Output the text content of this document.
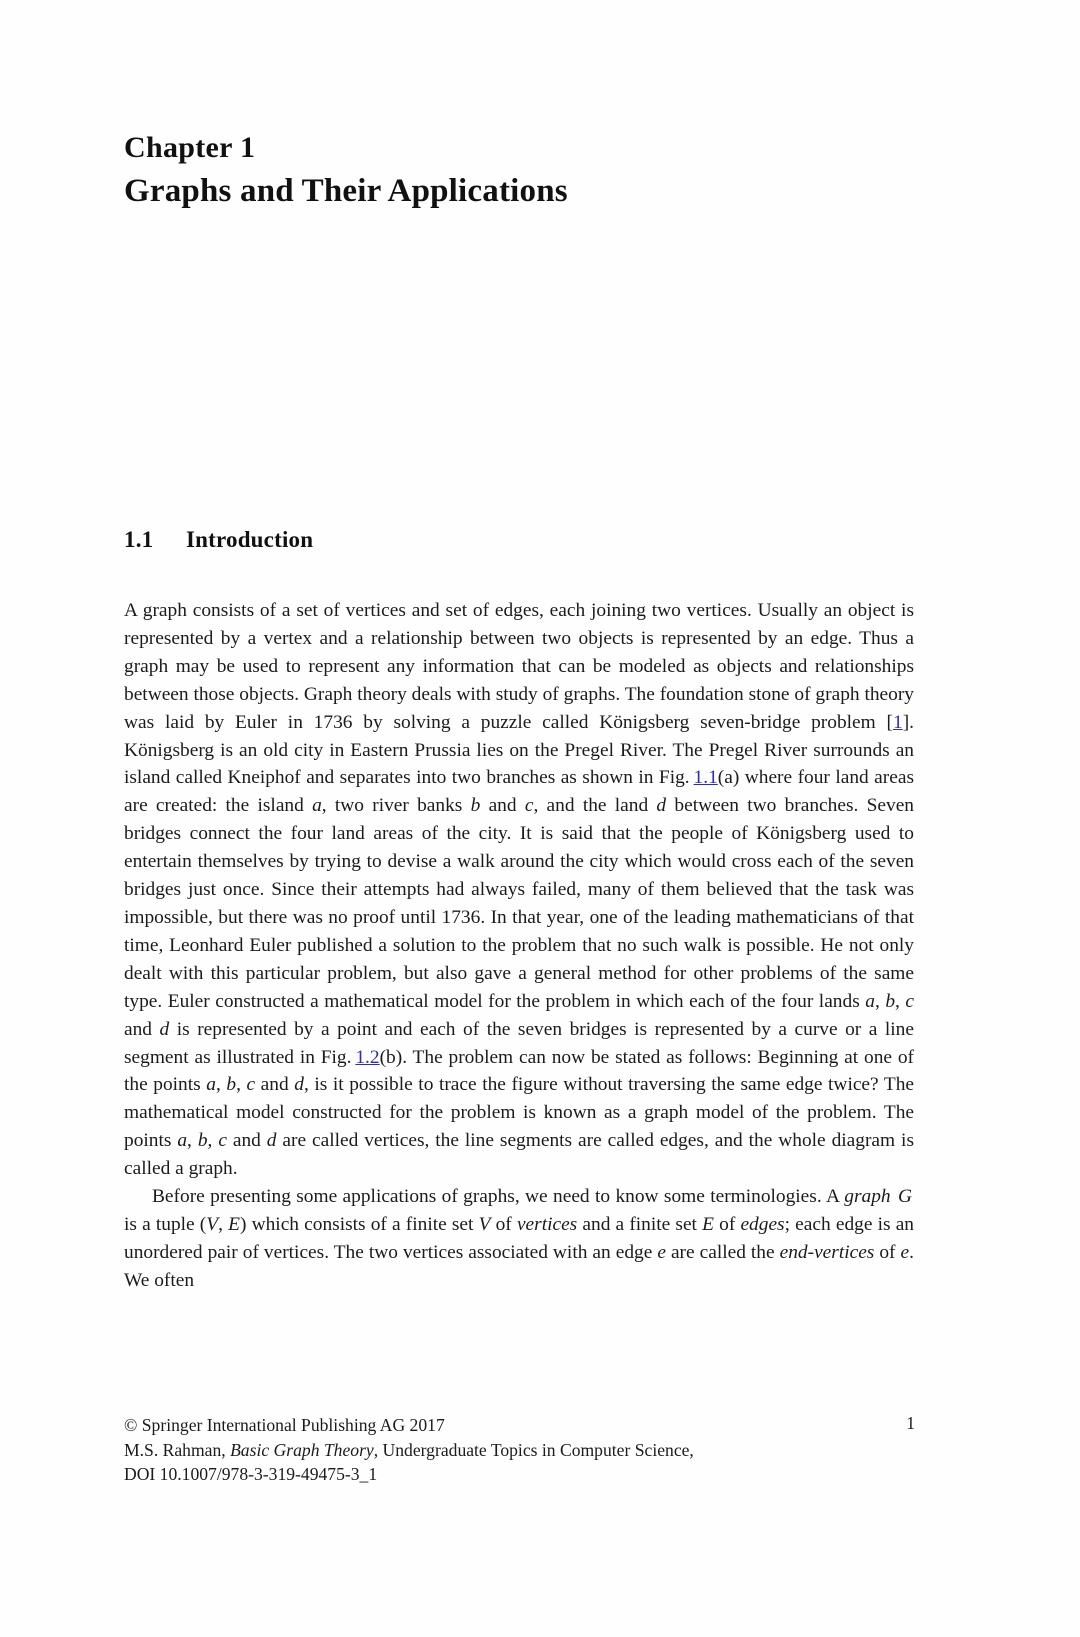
Chapter 1
Graphs and Their Applications
1.1 Introduction

A graph consists of a set of vertices and set of edges, each joining two vertices. Usually an object is represented by a vertex and a relationship between two objects is represented by an edge. Thus a graph may be used to represent any information that can be modeled as objects and relationships between those objects. Graph theory deals with study of graphs. The foundation stone of graph theory was laid by Euler in 1736 by solving a puzzle called Königsberg seven-bridge problem [1]. Königsberg is an old city in Eastern Prussia lies on the Pregel River. The Pregel River surrounds an island called Kneiphof and separates into two branches as shown in Fig. 1.1(a) where four land areas are created: the island a, two river banks b and c, and the land d between two branches. Seven bridges connect the four land areas of the city. It is said that the people of Königsberg used to entertain themselves by trying to devise a walk around the city which would cross each of the seven bridges just once. Since their attempts had always failed, many of them believed that the task was impossible, but there was no proof until 1736. In that year, one of the leading mathematicians of that time, Leonhard Euler published a solution to the problem that no such walk is possible. He not only dealt with this particular problem, but also gave a general method for other problems of the same type. Euler constructed a mathematical model for the problem in which each of the four lands a, b, c and d is represented by a point and each of the seven bridges is represented by a curve or a line segment as illustrated in Fig. 1.2(b). The problem can now be stated as follows: Beginning at one of the points a, b, c and d, is it possible to trace the figure without traversing the same edge twice? The mathematical model constructed for the problem is known as a graph model of the problem. The points a, b, c and d are called vertices, the line segments are called edges, and the whole diagram is called a graph.

Before presenting some applications of graphs, we need to know some terminologies. A graph G is a tuple (V, E) which consists of a finite set V of vertices and a finite set E of edges; each edge is an unordered pair of vertices. The two vertices associated with an edge e are called the end-vertices of e. We often

© Springer International Publishing AG 2017
M.S. Rahman, Basic Graph Theory, Undergraduate Topics in Computer Science,
DOI 10.1007/978-3-319-49475-3_1
1
